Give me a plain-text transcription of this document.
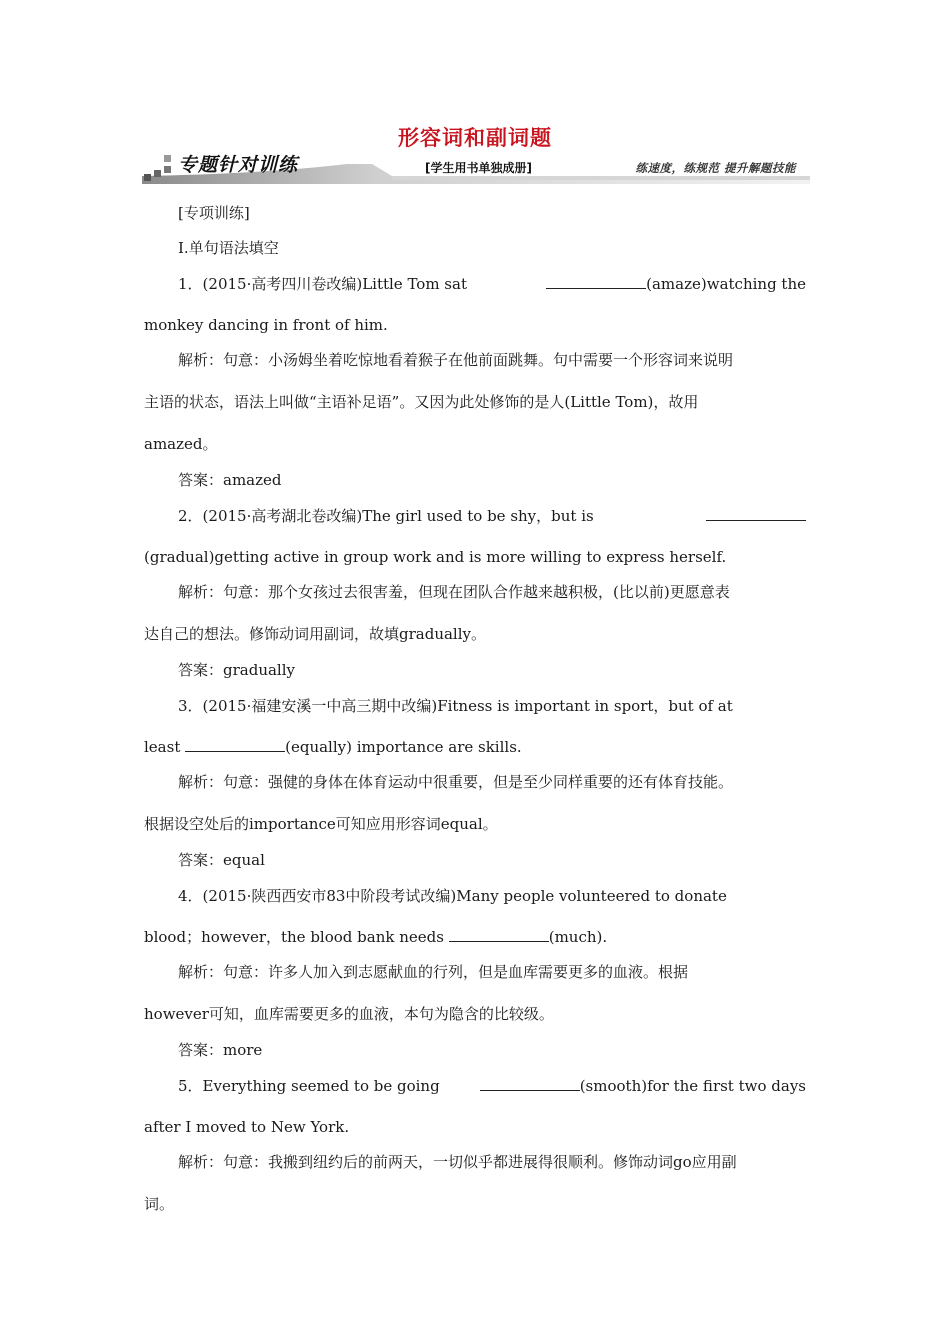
形容词和副词题
专题针对训练	[学生用书单独成册]	练速度，练规范 提升解题技能
[专项训练]
Ⅰ.单句语法填空
1．(2015·高考四川卷改编)Little Tom sat	(amaze)watching the
monkey dancing in front of him.
解析：句意：小汤姆坐着吃惊地看着猴子在他前面跳舞。句中需要一个形容词来说明
主语的状态，语法上叫做“主语补足语”。又因为此处修饰的是人(Little Tom)，故用
amazed。
答案：amazed
2．(2015·高考湖北卷改编)The girl used to be shy，but is
(gradual)getting active in group work and is more willing to express herself.
解析：句意：那个女孩过去很害羞，但现在团队合作越来越积极，(比以前)更愿意表
达自己的想法。修饰动词用副词，故填gradually。
答案：gradually
3．(2015·福建安溪一中高三期中改编)Fitness is important in sport，but of at
least	(equally) importance are skills.
解析：句意：强健的身体在体育运动中很重要，但是至少同样重要的还有体育技能。
根据设空处后的importance可知应用形容词equal。
答案：equal
4．(2015·陕西西安市83中阶段考试改编)Many people volunteered to donate
blood；however，the blood bank needs	(much).
解析：句意：许多人加入到志愿献血的行列，但是血库需要更多的血液。根据
however可知，血库需要更多的血液，本句为隐含的比较级。
答案：more
5．Everything seemed to be going	(smooth)for the first two days
after I moved to New York.
解析：句意：我搬到纽约后的前两天，一切似乎都进展得很顺利。修饰动词go应用副
词。
